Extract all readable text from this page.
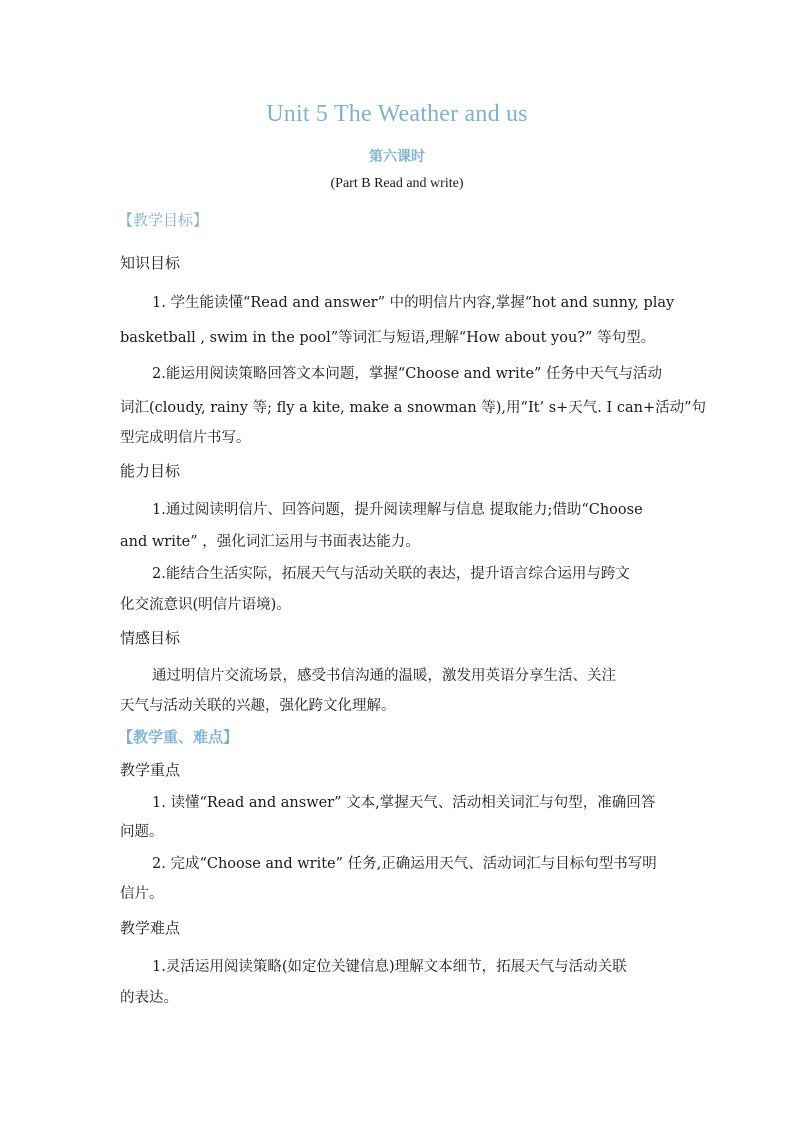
Unit 5 The Weather and us
第六课时
(Part B Read and write)
【教学目标】
知识目标
1. 学生能读懂“Read and answer” 中的明信片内容,掌握“hot and sunny, play
basketball , swim in the pool”等词汇与短语,理解“How about you?” 等句型。
2.能运用阅读策略回答文本问题，掌握“Choose and write” 任务中天气与活动
词汇(cloudy, rainy 等; fly a kite, make a snowman 等),用“It’ s+天气. I can+活动”句
型完成明信片书写。
能力目标
1.通过阅读明信片、回答问题，提升阅读理解与信息 提取能力;借助“Choose
and write” ，强化词汇运用与书面表达能力。
2.能结合生活实际，拓展天气与活动关联的表达，提升语言综合运用与跨文
化交流意识(明信片语境)。
情感目标
通过明信片交流场景，感受书信沟通的温暖，激发用英语分享生活、关注
天气与活动关联的兴趣，强化跨文化理解。
【教学重、难点】
教学重点
1. 读懂“Read and answer” 文本,掌握天气、活动相关词汇与句型，准确回答
问题。
2. 完成“Choose and write” 任务,正确运用天气、活动词汇与目标句型书写明
信片。
教学难点
1.灵活运用阅读策略(如定位关键信息)理解文本细节，拓展天气与活动关联
的表达。
